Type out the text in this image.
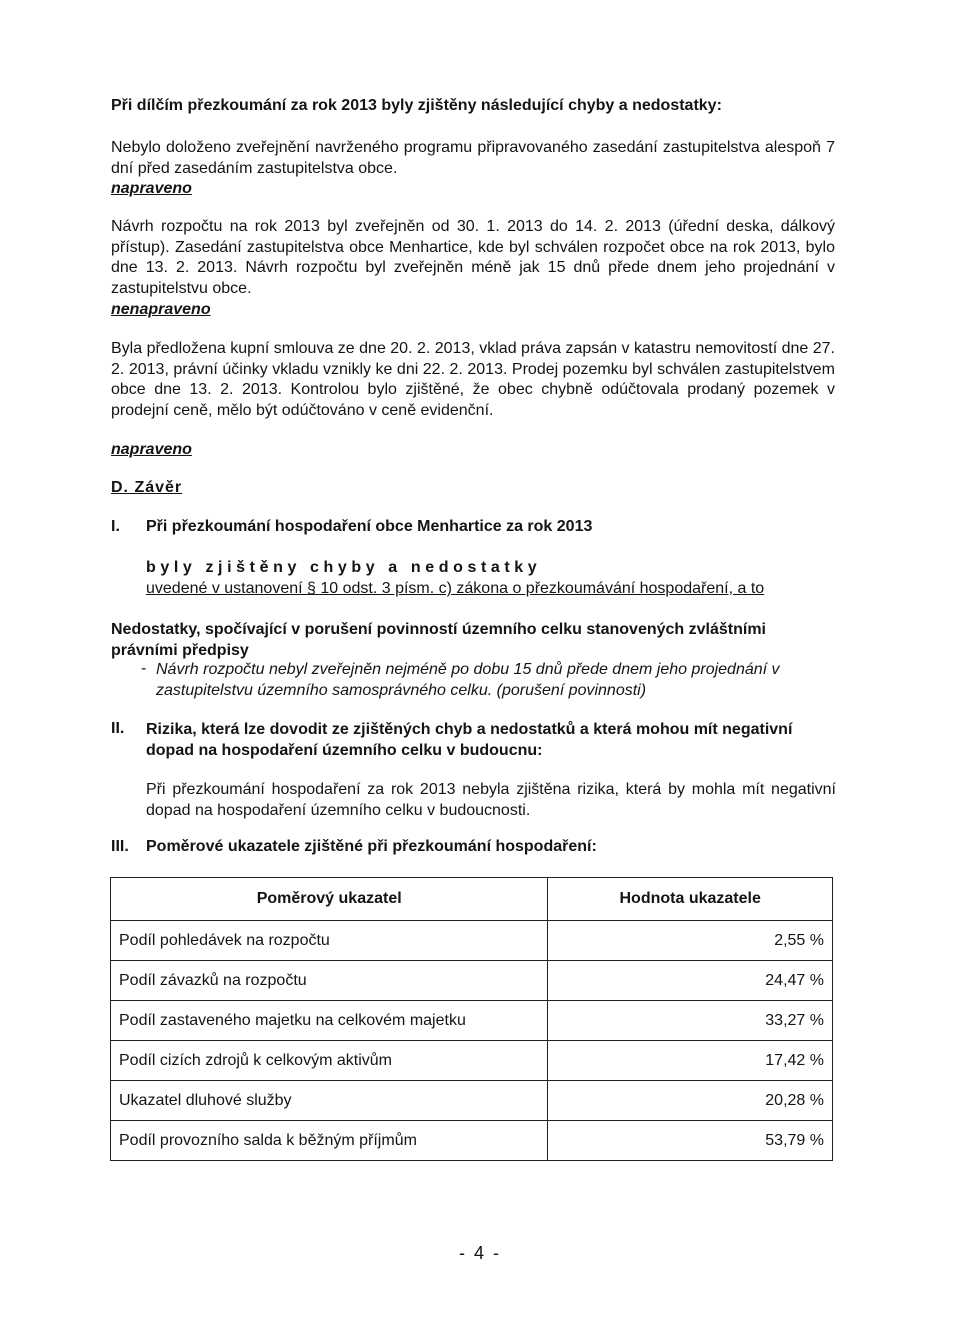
Při dílčím přezkoumání za rok 2013 byly zjištěny následující chyby a nedostatky:
Nebylo doloženo zveřejnění navrženého programu připravovaného zasedání zastupitelstva alespoň 7 dní před zasedáním zastupitelstva obce.
napraveno
Návrh rozpočtu na rok 2013 byl zveřejněn od 30. 1. 2013 do 14. 2. 2013 (úřední deska, dálkový přístup). Zasedání zastupitelstva obce Menhartice, kde byl schválen rozpočet obce na rok 2013, bylo dne 13. 2. 2013. Návrh rozpočtu byl zveřejněn méně jak 15 dnů přede dnem jeho projednání v zastupitelstvu obce.
nenapraveno
Byla předložena kupní smlouva ze dne 20. 2. 2013, vklad práva zapsán v katastru nemovitostí dne 27. 2. 2013, právní účinky vkladu vznikly ke dni 22. 2. 2013. Prodej pozemku byl schválen zastupitelstvem obce dne 13. 2. 2013. Kontrolou bylo zjištěné, že obec chybně odúčtovala prodaný pozemek v prodejní ceně, mělo být odúčtováno v ceně evidenční.
napraveno
D. Závěr
I. Při přezkoumání hospodaření obce Menhartice za rok 2013
byly zjištěny chyby a nedostatky
uvedené v ustanovení § 10 odst. 3 písm. c) zákona o přezkoumávání hospodaření, a to
Nedostatky, spočívající v porušení povinností územního celku stanovených zvláštními právními předpisy
- Návrh rozpočtu nebyl zveřejněn nejméně po dobu 15 dnů přede dnem jeho projednání v zastupitelstvu územního samosprávného celku. (porušení povinnosti)
II. Rizika, která lze dovodit ze zjištěných chyb a nedostatků a která mohou mít negativní dopad na hospodaření územního celku v budoucnu:
Při přezkoumání hospodaření za rok 2013 nebyla zjištěna rizika, která by mohla mít negativní dopad na hospodaření územního celku v budoucnosti.
III. Poměrové ukazatele zjištěné při přezkoumání hospodaření:
Poměrový ukazatel	Hodnota ukazatele
Podíl pohledávek na rozpočtu	2,55 %
Podíl závazků na rozpočtu	24,47 %
Podíl zastaveného majetku na celkovém majetku	33,27 %
Podíl cizích zdrojů k celkovým aktivům	17,42 %
Ukazatel dluhové služby	20,28 %
Podíl provozního salda k běžným příjmům	53,79 %
- 4 -
